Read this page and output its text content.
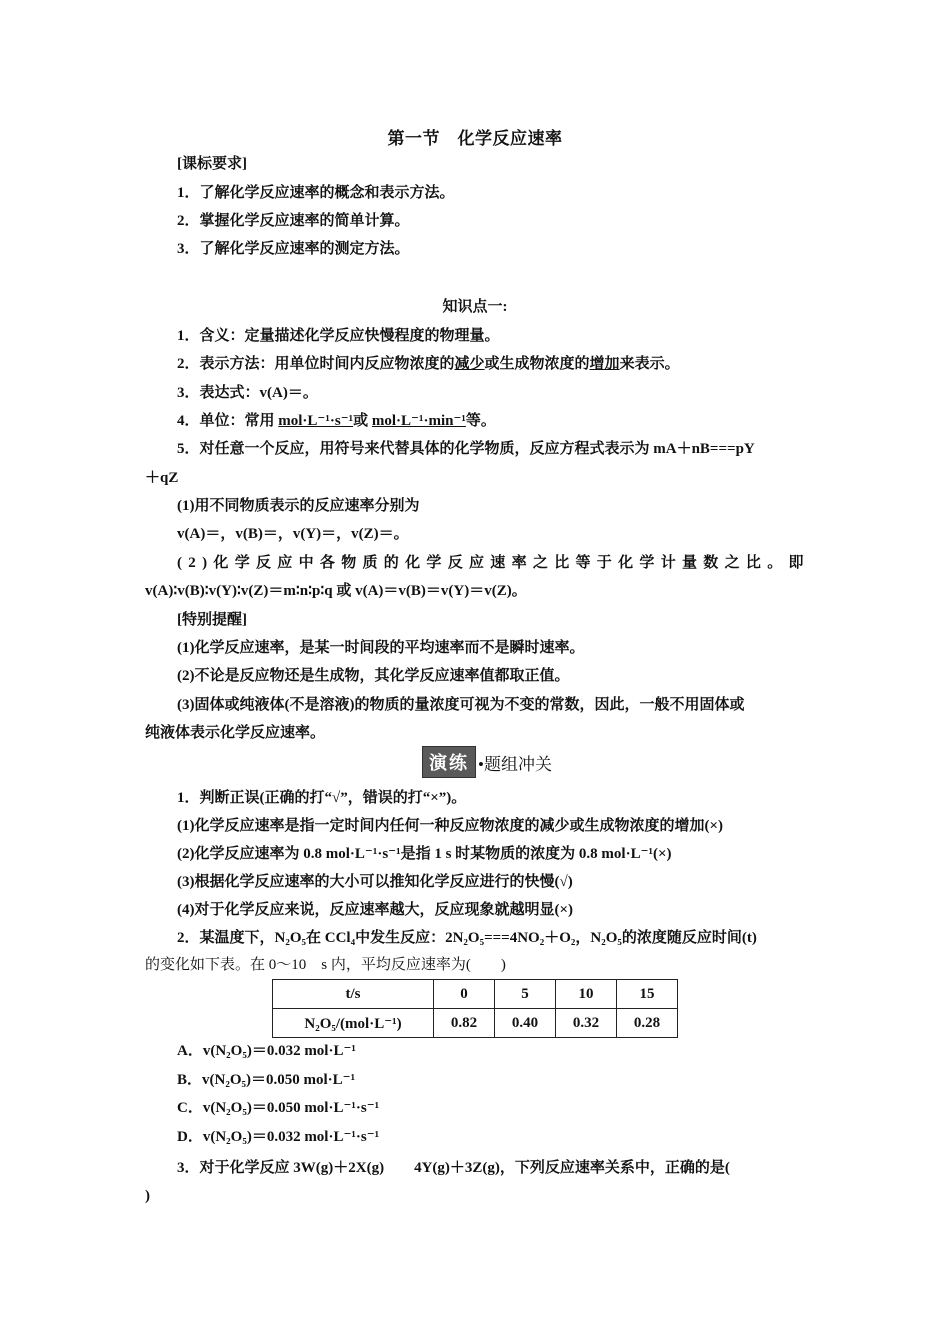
第一节　化学反应速率
[课标要求]
1．了解化学反应速率的概念和表示方法。
2．掌握化学反应速率的简单计算。
3．了解化学反应速率的测定方法。
知识点一:
1．含义：定量描述化学反应快慢程度的物理量。
2．表示方法：用单位时间内反应物浓度的减少或生成物浓度的增加来表示。
3．表达式：v(A)＝。
4．单位：常用 mol·L⁻¹·s⁻¹或 mol·L⁻¹·min⁻¹等。
5．对任意一个反应，用符号来代替具体的化学物质，反应方程式表示为 mA＋nB===pY
＋qZ
(1)用不同物质表示的反应速率分别为
v(A)＝，v(B)＝，v(Y)＝，v(Z)＝。
(2)化学反应中各物质的化学反应速率之比等于化学计量数之比。即
v(A)∶v(B)∶v(Y)∶v(Z)＝m∶n∶p∶q 或 v(A)＝v(B)＝v(Y)＝v(Z)。
[特别提醒]
(1)化学反应速率，是某一时间段的平均速率而不是瞬时速率。
(2)不论是反应物还是生成物，其化学反应速率值都取正值。
(3)固体或纯液体(不是溶液)的物质的量浓度可视为不变的常数，因此，一般不用固体或
纯液体表示化学反应速率。
演练 •题组冲关
1．判断正误(正确的打“√”，错误的打“×”)。
(1)化学反应速率是指一定时间内任何一种反应物浓度的减少或生成物浓度的增加(×)
(2)化学反应速率为 0.8 mol·L⁻¹·s⁻¹是指 1 s 时某物质的浓度为 0.8 mol·L⁻¹(×)
(3)根据化学反应速率的大小可以推知化学反应进行的快慢(√)
(4)对于化学反应来说，反应速率越大，反应现象就越明显(×)
2．某温度下，N₂O₅在 CCl₄中发生反应：2N₂O₅===4NO₂＋O₂，N₂O₅的浓度随反应时间(t)
的变化如下表。在 0～10　s 内，平均反应速率为(　　)
t/s	0	5	10	15
N₂O₅/(mol·L⁻¹)	0.82	0.40	0.32	0.28
A．v(N₂O₅)＝0.032 mol·L⁻¹
B．v(N₂O₅)＝0.050 mol·L⁻¹
C．v(N₂O₅)＝0.050 mol·L⁻¹·s⁻¹
D．v(N₂O₅)＝0.032 mol·L⁻¹·s⁻¹
3．对于化学反应 3W(g)＋2X(g)　　4Y(g)＋3Z(g)，下列反应速率关系中，正确的是(
)
